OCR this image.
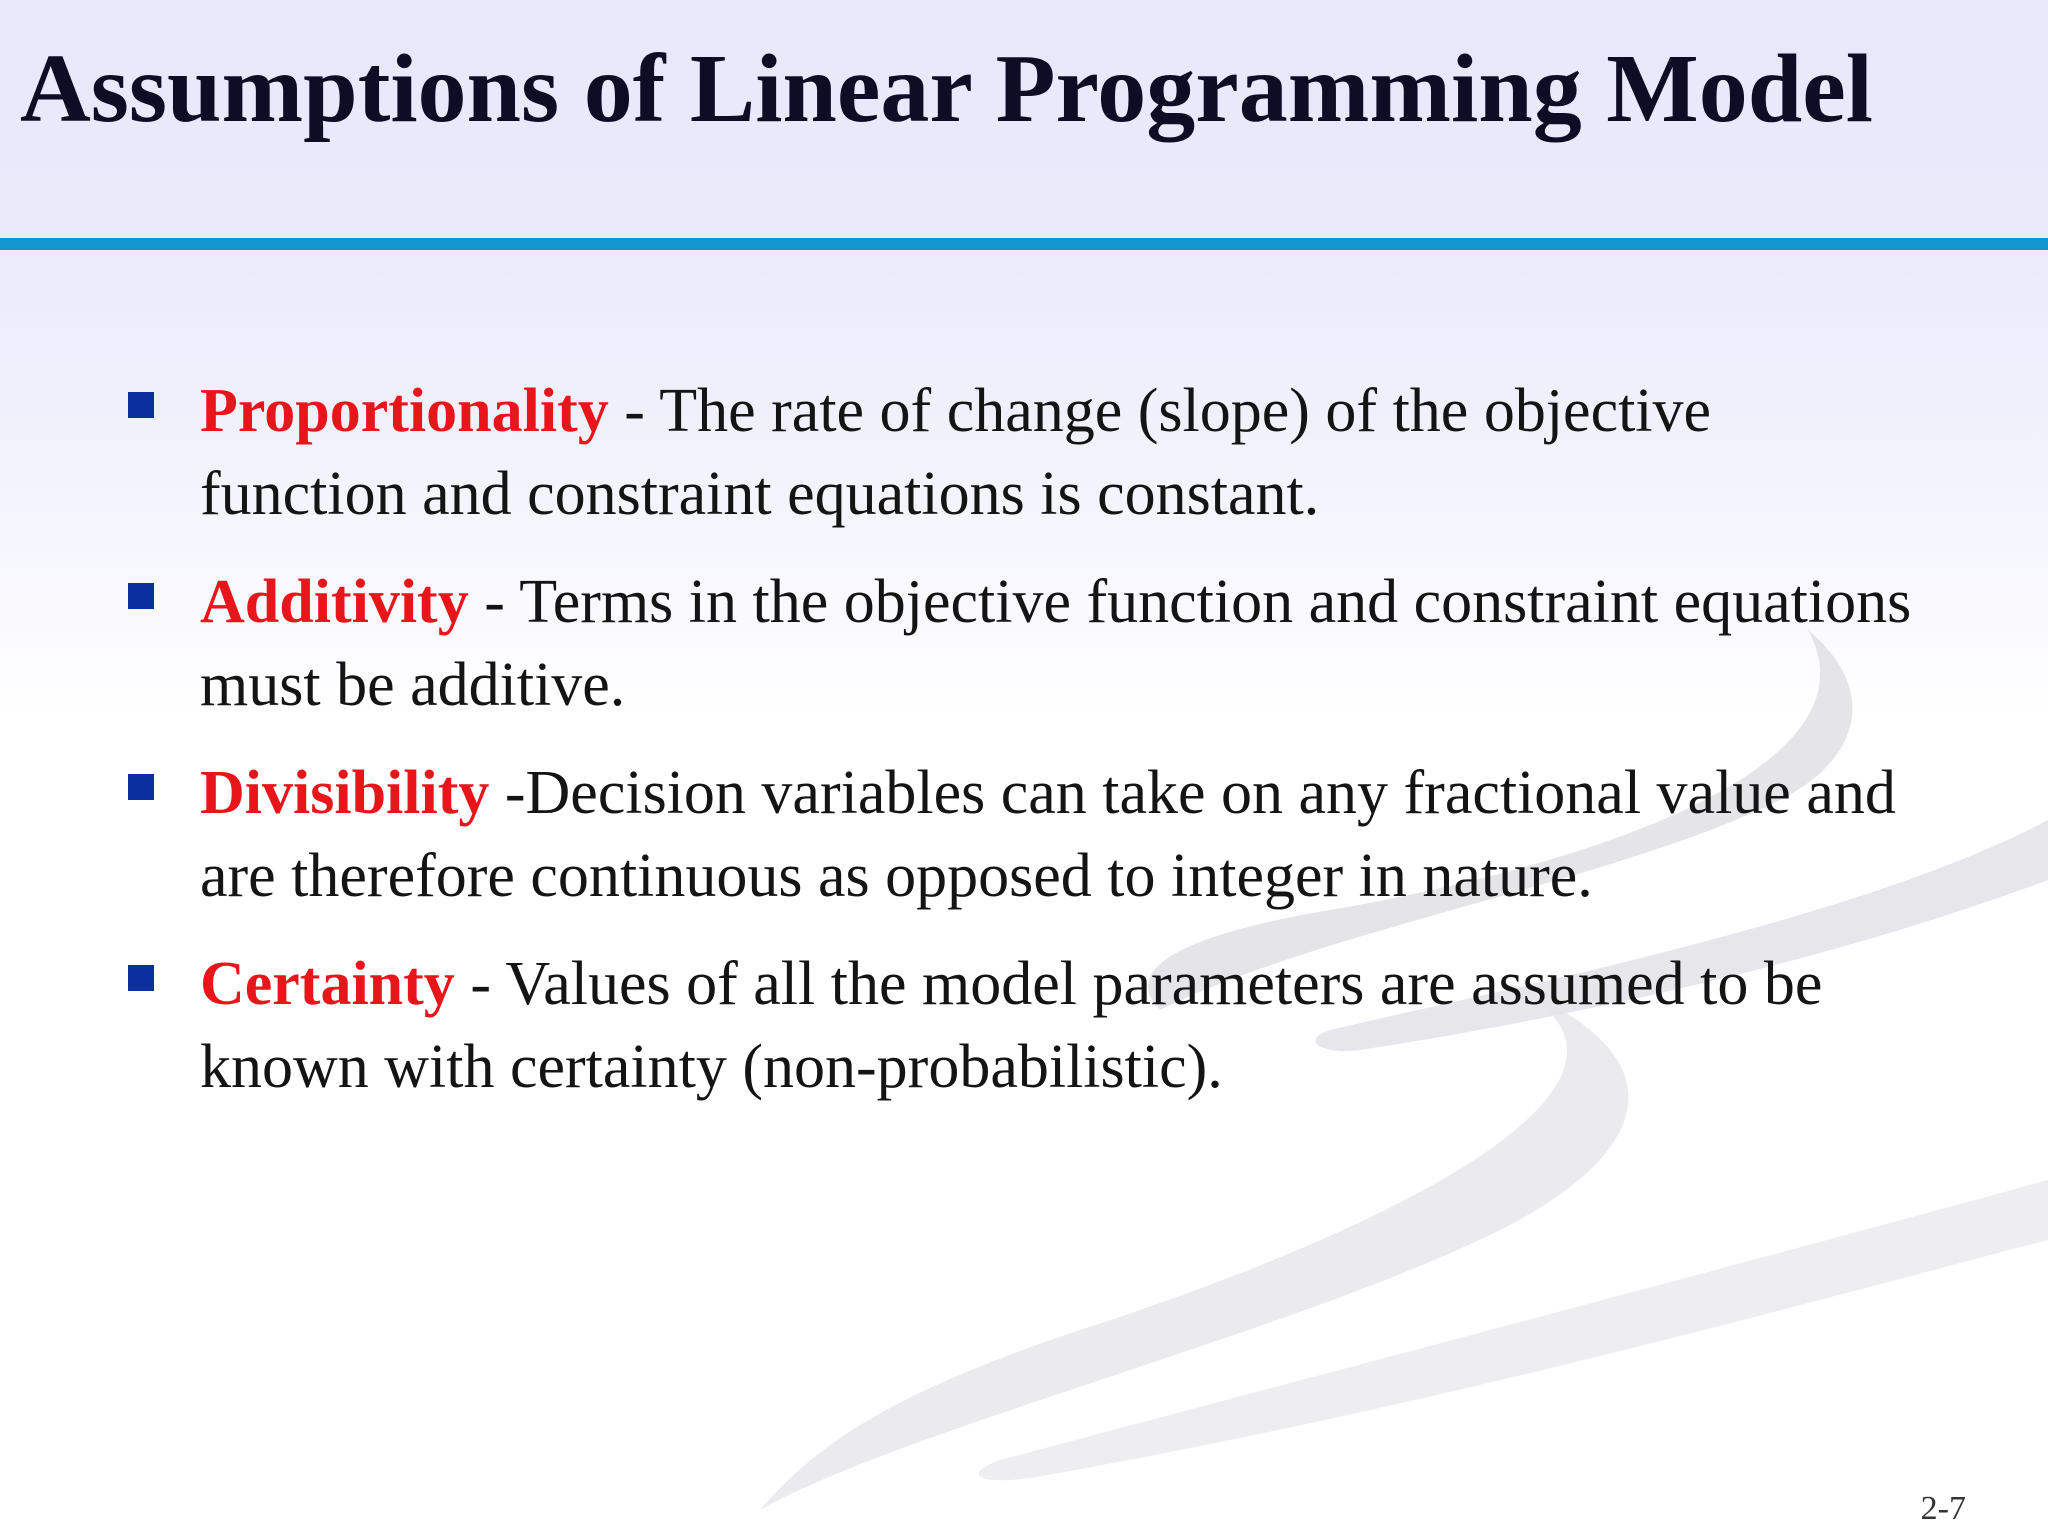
Assumptions of Linear Programming Model
Proportionality - The rate of change (slope) of the objective function and constraint equations is constant.
Additivity - Terms in the objective function and constraint equations must be additive.
Divisibility -Decision variables can take on any fractional value and are therefore continuous as opposed to integer in nature.
Certainty - Values of all the model parameters are assumed to be known with certainty (non-probabilistic).
2-7
